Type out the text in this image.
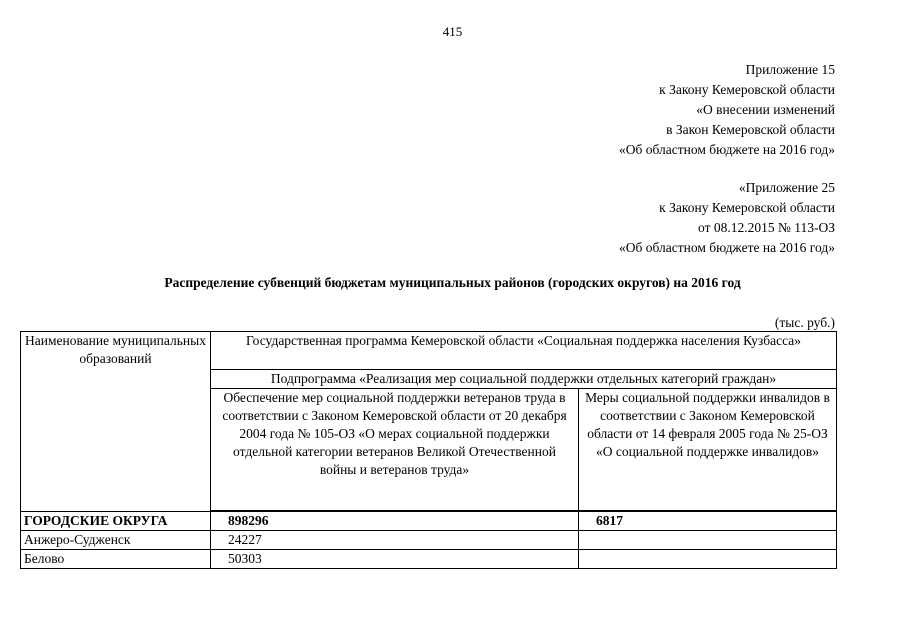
415
Приложение 15
к Закону Кемеровской области
«О внесении изменений
в Закон Кемеровской области
«Об областном бюджете на 2016 год»
«Приложение 25
к Закону Кемеровской области
от 08.12.2015 № 113-ОЗ
«Об областном бюджете на 2016 год»
Распределение субвенций бюджетам муниципальных районов (городских округов) на 2016 год
(тыс. руб.)
Наименование муниципальных образований	Государственная программа Кемеровской области «Социальная поддержка населения Кузбасса»	
	Подпрограмма «Реализация мер социальной поддержки отдельных категорий граждан»	
	Обеспечение мер социальной поддержки ветеранов труда в соответствии с Законом Кемеровской области от 20 декабря 2004 года № 105-ОЗ «О мерах социальной поддержки отдельной категории ветеранов Великой Отечественной войны и ветеранов труда»	Меры социальной поддержки инвалидов в соответствии с Законом Кемеровской области от 14 февраля 2005 года № 25-ОЗ «О социальной поддержке инвалидов»

ГОРОДСКИЕ ОКРУГА	898296	6817
Анжеро-Судженск	24227	
Белово	50303	
